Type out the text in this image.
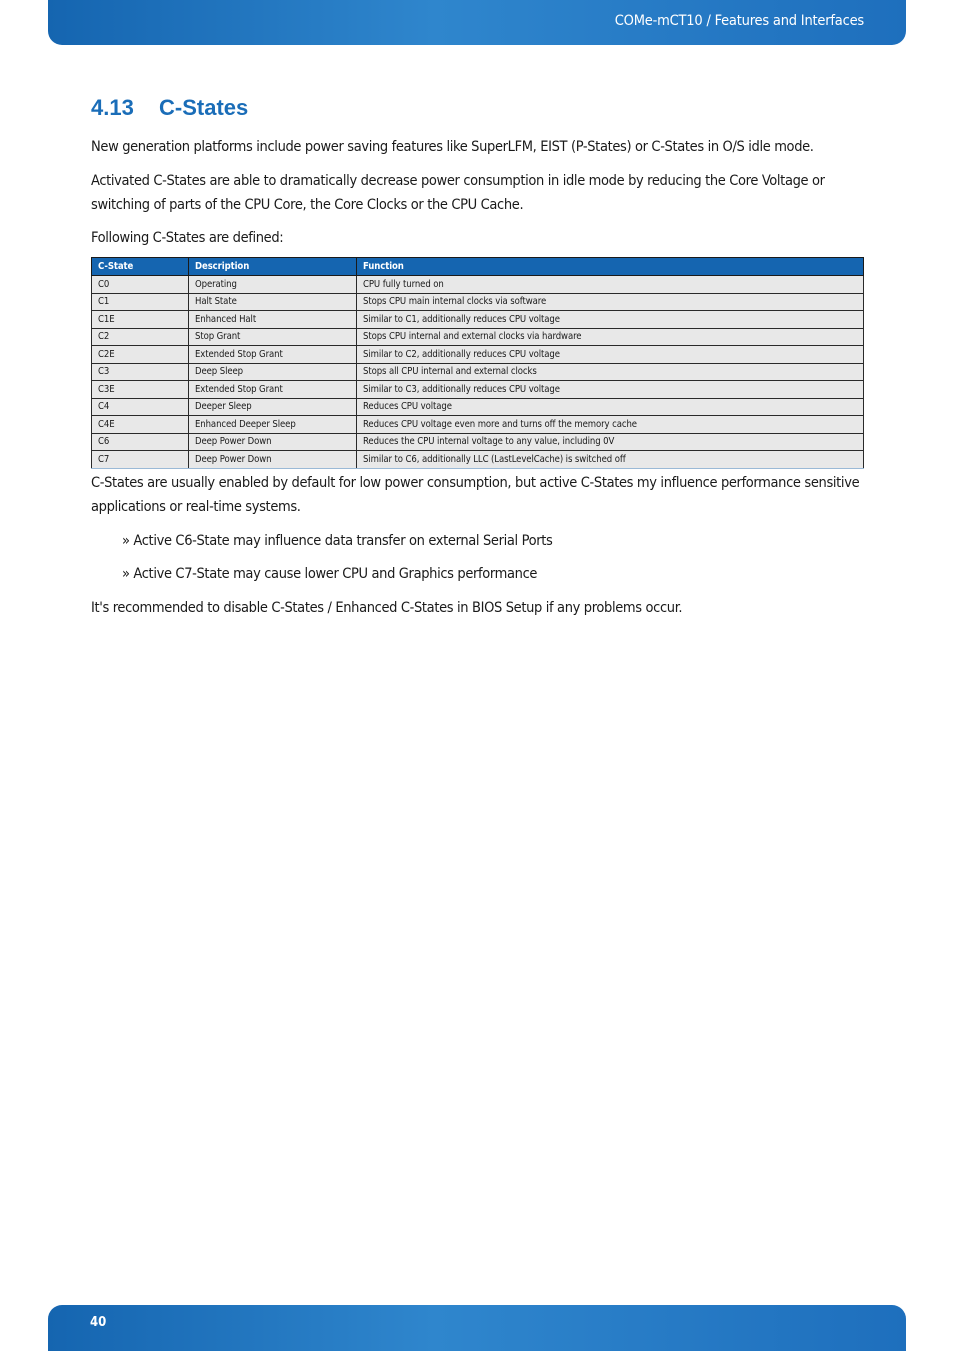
COMe-mCT10 / Features and Interfaces
4.13 C-States

New generation platforms include power saving features like SuperLFM, EIST (P-States) or C-States in O/S idle mode.

Activated C-States are able to dramatically decrease power consumption in idle mode by reducing the Core Voltage or switching of parts of the CPU Core, the Core Clocks or the CPU Cache.

Following C-States are defined:

C-State	Description	Function
C0	Operating	CPU fully turned on
C1	Halt State	Stops CPU main internal clocks via software
C1E	Enhanced Halt	Similar to C1, additionally reduces CPU voltage
C2	Stop Grant	Stops CPU internal and external clocks via hardware
C2E	Extended Stop Grant	Similar to C2, additionally reduces CPU voltage
C3	Deep Sleep	Stops all CPU internal and external clocks
C3E	Extended Stop Grant	Similar to C3, additionally reduces CPU voltage
C4	Deeper Sleep	Reduces CPU voltage
C4E	Enhanced Deeper Sleep	Reduces CPU voltage even more and turns off the memory cache
C6	Deep Power Down	Reduces the CPU internal voltage to any value, including 0V
C7	Deep Power Down	Similar to C6, additionally LLC (LastLevelCache) is switched off

C-States are usually enabled by default for low power consumption, but active C-States my influence performance sensitive applications or real-time systems.

» Active C6-State may influence data transfer on external Serial Ports

» Active C7-State may cause lower CPU and Graphics performance

It's recommended to disable C-States / Enhanced C-States in BIOS Setup if any problems occur.

40
